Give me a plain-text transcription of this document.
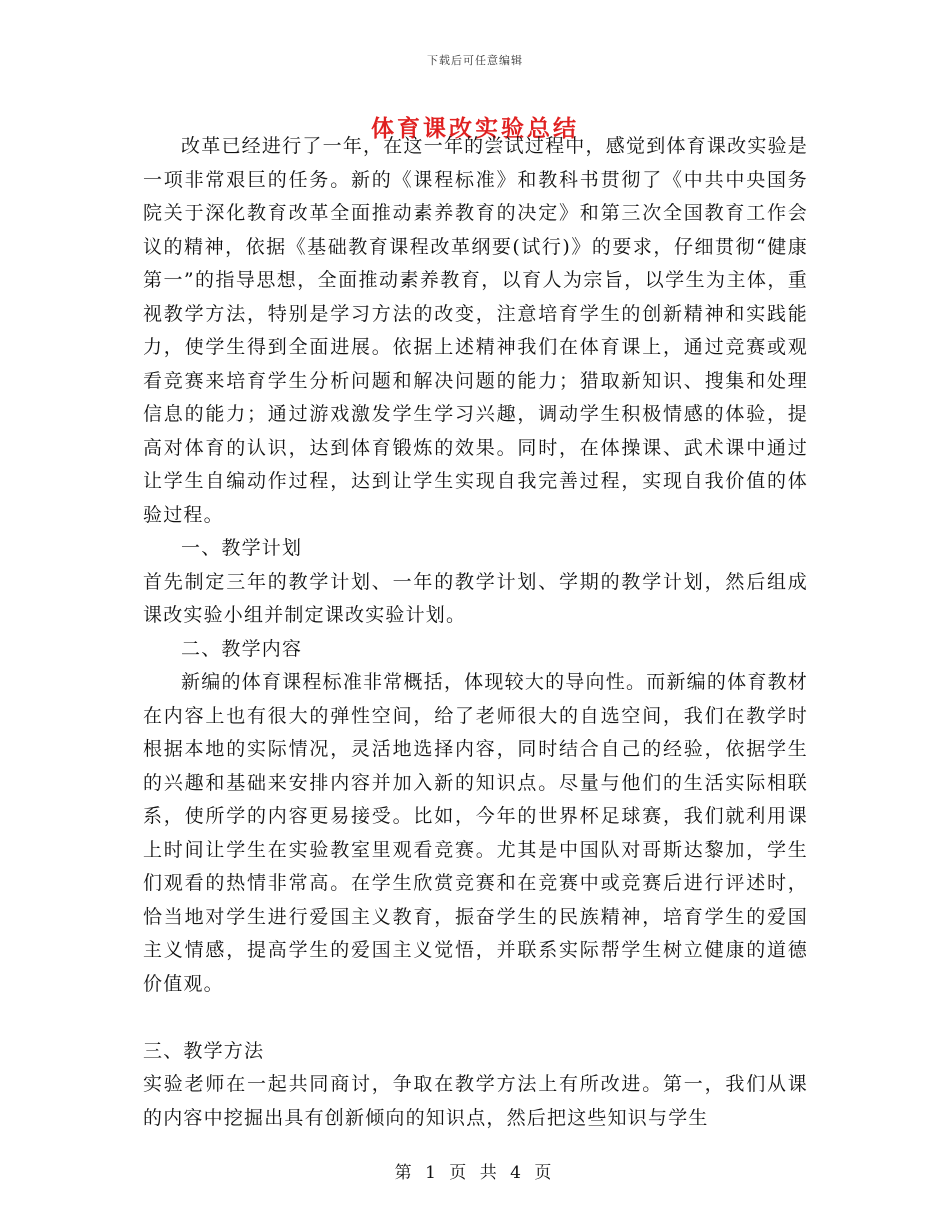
下载后可任意编辑
体育课改实验总结

改革已经进行了一年，在这一年的尝试过程中，感觉到体育课改实验是一项非常艰巨的任务。新的《课程标准》和教科书贯彻了《中共中央国务院关于深化教育改革全面推动素养教育的决定》和第三次全国教育工作会议的精神，依据《基础教育课程改革纲要(试行)》的要求，仔细贯彻“健康第一”的指导思想，全面推动素养教育，以育人为宗旨，以学生为主体，重视教学方法，特别是学习方法的改变，注意培育学生的创新精神和实践能力，使学生得到全面进展。依据上述精神我们在体育课上，通过竞赛或观看竞赛来培育学生分析问题和解决问题的能力；猎取新知识、搜集和处理信息的能力；通过游戏激发学生学习兴趣，调动学生积极情感的体验，提高对体育的认识，达到体育锻炼的效果。同时，在体操课、武术课中通过让学生自编动作过程，达到让学生实现自我完善过程，实现自我价值的体验过程。

一、教学计划

首先制定三年的教学计划、一年的教学计划、学期的教学计划，然后组成课改实验小组并制定课改实验计划。

二、教学内容

新编的体育课程标准非常概括，体现较大的导向性。而新编的体育教材在内容上也有很大的弹性空间，给了老师很大的自选空间，我们在教学时根据本地的实际情况，灵活地选择内容，同时结合自己的经验，依据学生的兴趣和基础来安排内容并加入新的知识点。尽量与他们的生活实际相联系，使所学的内容更易接受。比如，今年的世界杯足球赛，我们就利用课上时间让学生在实验教室里观看竞赛。尤其是中国队对哥斯达黎加，学生们观看的热情非常高。在学生欣赏竞赛和在竞赛中或竞赛后进行评述时，恰当地对学生进行爱国主义教育，振奋学生的民族精神，培育学生的爱国主义情感，提高学生的爱国主义觉悟，并联系实际帮学生树立健康的道德价值观。

三、教学方法

实验老师在一起共同商讨，争取在教学方法上有所改进。第一，我们从课的内容中挖掘出具有创新倾向的知识点，然后把这些知识与学生

第 1 页 共 4 页
